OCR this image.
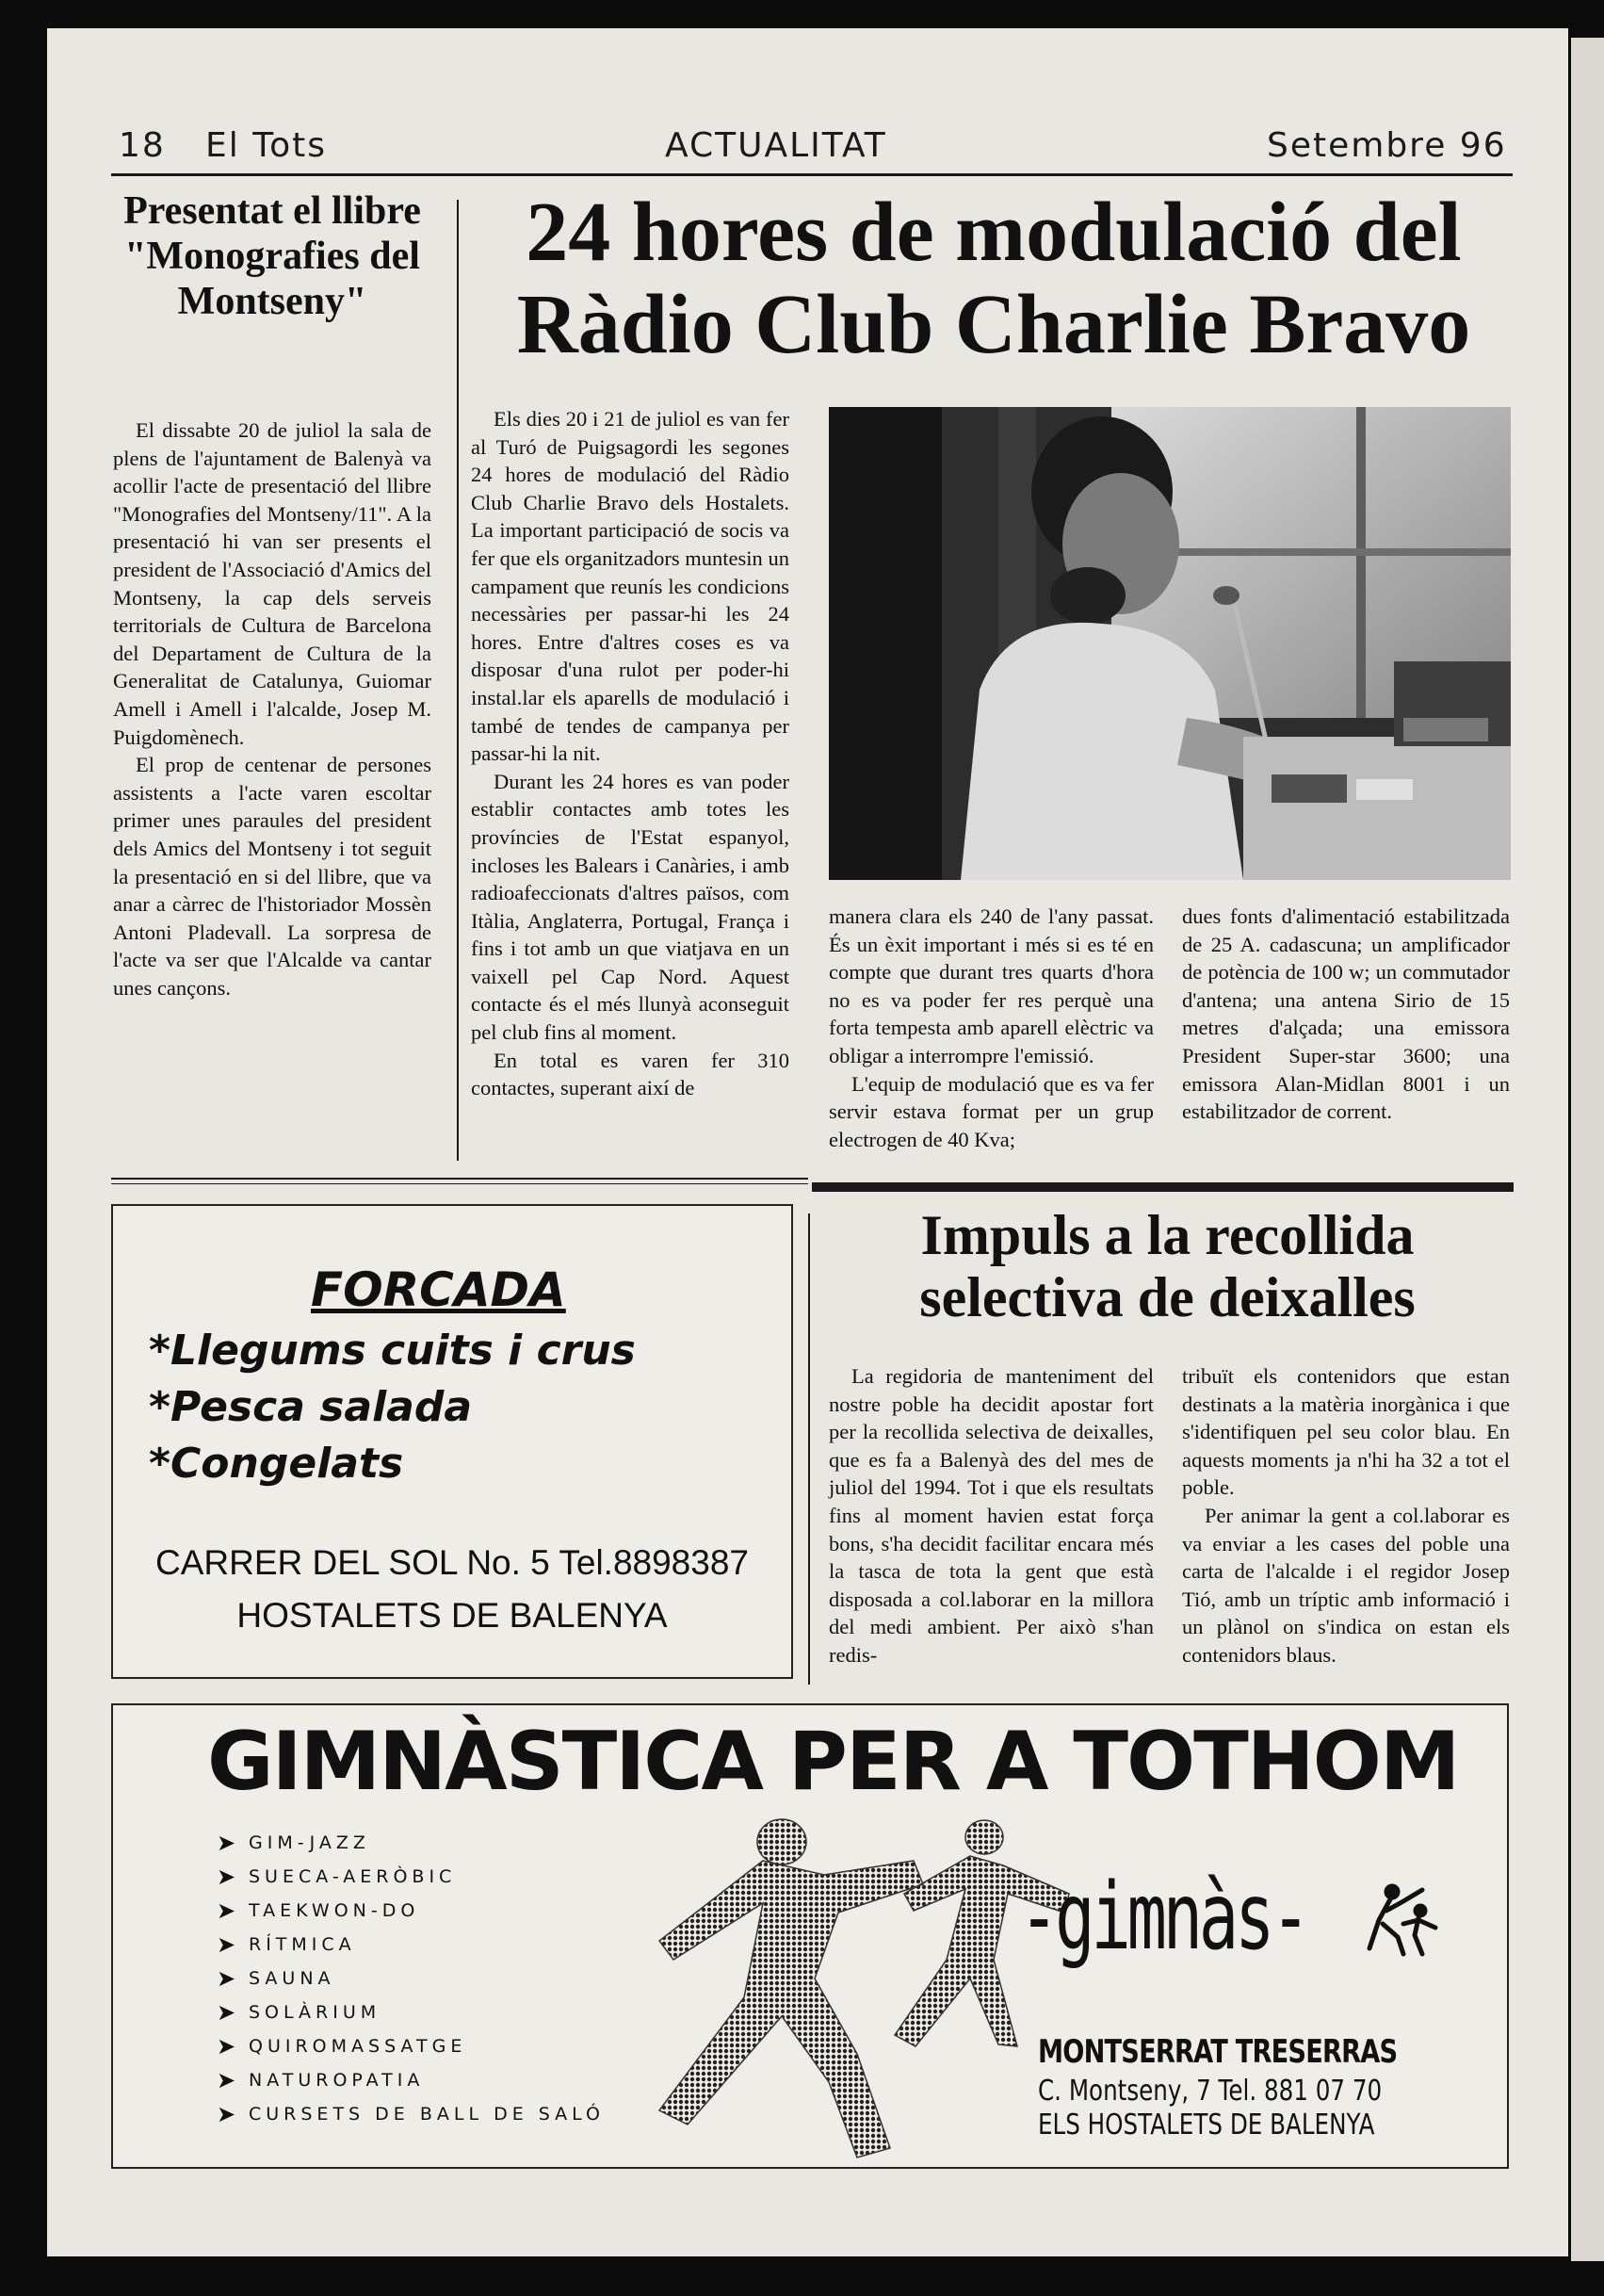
18 El Tots	ACTUALITAT	Setembre 96
Presentat el llibre "Monografies del Montseny"

El dissabte 20 de juliol la sala de plens de l'ajuntament de Balenyà va acollir l'acte de presentació del llibre "Monografies del Montseny/11". A la presentació hi van ser presents el president de l'Associació d'Amics del Montseny, la cap dels serveis territorials de Cultura de Barcelona del Departament de Cultura de la Generalitat de Catalunya, Guiomar Amell i Amell i l'alcalde, Josep M. Puigdomènech.

El prop de centenar de persones assistents a l'acte varen escoltar primer unes paraules del president dels Amics del Montseny i tot seguit la presentació en si del llibre, que va anar a càrrec de l'historiador Mossèn Antoni Pladevall. La sorpresa de l'acte va ser que l'Alcalde va cantar unes cançons.

24 hores de modulació del
Ràdio Club Charlie Bravo

Els dies 20 i 21 de juliol es van fer al Turó de Puigsagordi les segones 24 hores de modulació del Ràdio Club Charlie Bravo dels Hostalets. La important participació de socis va fer que els organitzadors muntesin un campament que reunís les condicions necessàries per passar-hi les 24 hores. Entre d'altres coses es va disposar d'una rulot per poder-hi instal.lar els aparells de modulació i també de tendes de campanya per passar-hi la nit.

Durant les 24 hores es van poder establir contactes amb totes les províncies de l'Estat espanyol, incloses les Balears i Canàries, i amb radioafeccionats d'altres països, com Itàlia, Anglaterra, Portugal, França i fins i tot amb un que viatjava en un vaixell pel Cap Nord. Aquest contacte és el més llunyà aconseguit pel club fins al moment.

En total es varen fer 310 contactes, superant així de

manera clara els 240 de l'any passat. És un èxit important i més si es té en compte que durant tres quarts d'hora no es va poder fer res perquè una forta tempesta amb aparell elèctric va obligar a interrompre l'emissió.

L'equip de modulació que es va fer servir estava format per un grup electrogen de 40 Kva;

dues fonts d'alimentació estabilitzada de 25 A. cadascuna; un amplificador de potència de 100 w; un commutador d'antena; una antena Sirio de 15 metres d'alçada; una emissora President Super-star 3600; una emissora Alan-Midlan 8001 i un estabilitzador de corrent.

FORCADA
*Llegums cuits i crus
*Pesca salada
*Congelats
CARRER DEL SOL No. 5 Tel.8898387
HOSTALETS DE BALENYA
Impuls a la recollida
selectiva de deixalles

La regidoria de manteniment del nostre poble ha decidit apostar fort per la recollida selectiva de deixalles, que es fa a Balenyà des del mes de juliol del 1994. Tot i que els resultats fins al moment havien estat força bons, s'ha decidit facilitar encara més la tasca de tota la gent que està disposada a col.laborar en la millora del medi ambient. Per això s'han redis-

tribuït els contenidors que estan destinats a la matèria inorgànica i que s'identifiquen pel seu color blau. En aquests moments ja n'hi ha 32 a tot el poble.

Per animar la gent a col.laborar es va enviar a les cases del poble una carta de l'alcalde i el regidor Josep Tió, amb un tríptic amb informació i un plànol on s'indica on estan els contenidors blaus.

GIMNÀSTICA PER A TOTHOM
➤ GIM-JAZZ
➤ SUECA-AERÒBIC
➤ TAEKWON-DO
➤ RÍTMICA
➤ SAUNA
➤ SOLÀRIUM
➤ QUIROMASSATGE
➤ NATUROPATIA
➤ CURSETS DE BALL DE SALÓ
-gimnàs-
MONTSERRAT TRESERRAS
C. Montseny, 7 Tel. 881 07 70
ELS HOSTALETS DE BALENYA
